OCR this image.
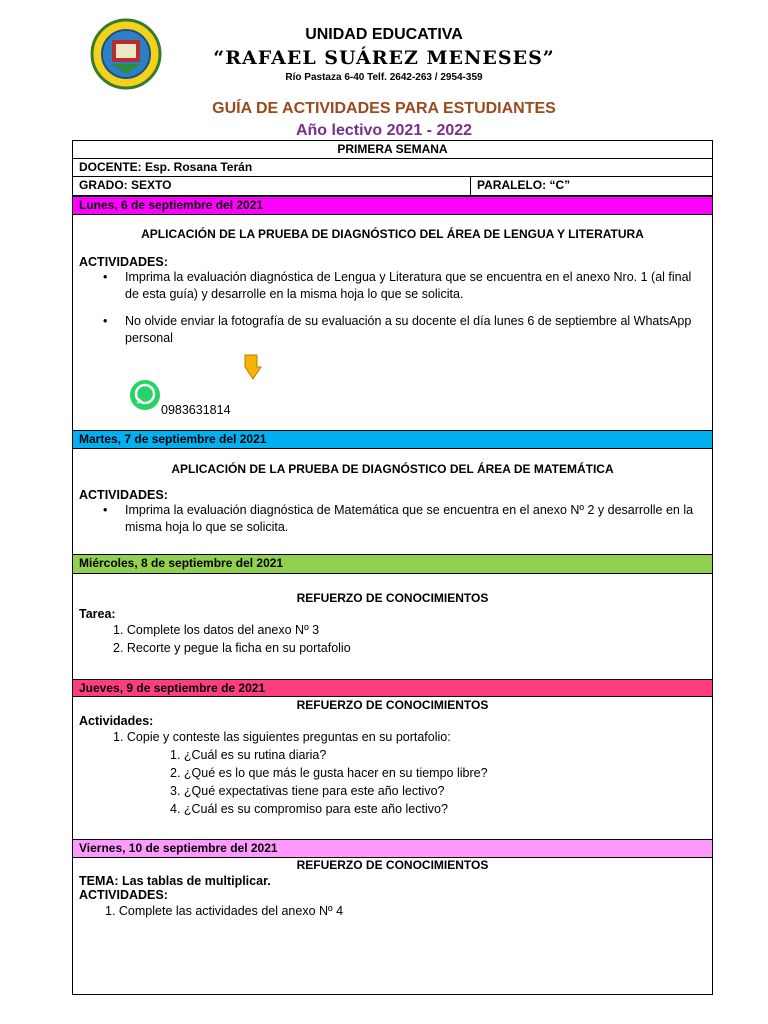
UNIDAD EDUCATIVA
“RAFAEL SUÁREZ MENESES”
Río Pastaza 6-40 Telf. 2642-263 / 2954-359
GUÍA DE ACTIVIDADES PARA ESTUDIANTES
Año lectivo 2021 - 2022
PRIMERA SEMANA
DOCENTE: Esp. Rosana Terán
GRADO: SEXTO	PARALELO: “C”
Lunes, 6 de septiembre del 2021
APLICACIÓN DE LA PRUEBA DE DIAGNÓSTICO DEL ÁREA DE LENGUA Y LITERATURA
ACTIVIDADES:
• Imprima la evaluación diagnóstica de Lengua y Literatura que se encuentra en el anexo Nro. 1 (al final de esta guía) y desarrolle en la misma hoja lo que se solicita.
• No olvide enviar la fotografía de su evaluación a su docente el día lunes 6 de septiembre al WhatsApp personal
0983631814
Martes, 7 de septiembre del 2021
APLICACIÓN DE LA PRUEBA DE DIAGNÓSTICO DEL ÁREA DE MATEMÁTICA
ACTIVIDADES:
• Imprima la evaluación diagnóstica de Matemática que se encuentra en el anexo Nº 2 y desarrolle en la misma hoja lo que se solicita.
Miércoles, 8 de septiembre del 2021
REFUERZO DE CONOCIMIENTOS
Tarea:
1. Complete los datos del anexo Nº 3
2. Recorte y pegue la ficha en su portafolio
Jueves, 9 de septiembre de 2021
REFUERZO DE CONOCIMIENTOS
Actividades:
1. Copie y conteste las siguientes preguntas en su portafolio:
1. ¿Cuál es su rutina diaria?
2. ¿Qué es lo que más le gusta hacer en su tiempo libre?
3. ¿Qué expectativas tiene para este año lectivo?
4. ¿Cuál es su compromiso para este año lectivo?
Viernes, 10 de septiembre del 2021
REFUERZO DE CONOCIMIENTOS
TEMA: Las tablas de multiplicar.
ACTIVIDADES:
1. Complete las actividades del anexo Nº 4
